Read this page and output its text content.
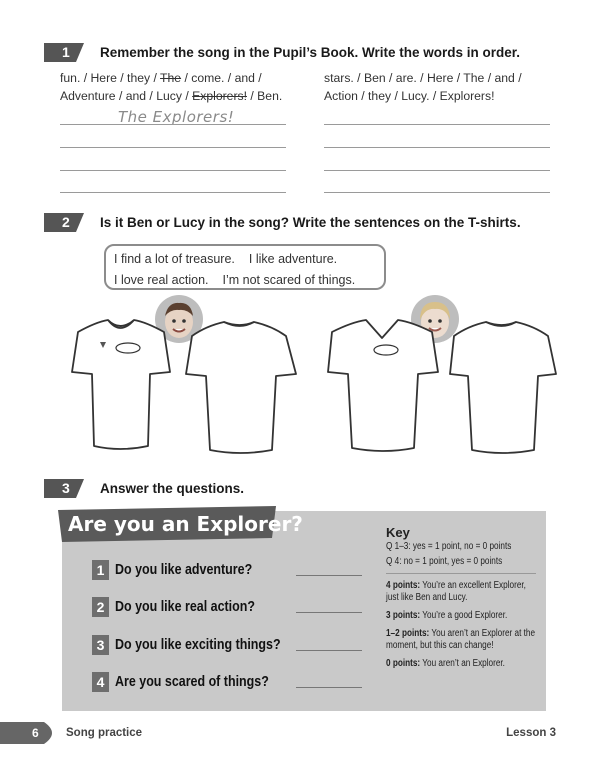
1 Remember the song in the Pupil’s Book. Write the words in order.
fun. / Here / they / The / come. / and /
Adventure / and / Lucy / Explorers! / Ben.
stars. / Ben / are. / Here / The / and /
Action / they / Lucy. / Explorers!
The Explorers!
2 Is it Ben or Lucy in the song? Write the sentences on the T-shirts.
I find a lot of treasure. I like adventure.
I love real action. I’m not scared of things.
3 Answer the questions.
Are you an Explorer?
1 Do you like adventure?
2 Do you like real action?
3 Do you like exciting things?
4 Are you scared of things?
Key
Q 1–3: yes = 1 point, no = 0 points
Q 4: no = 1 point, yes = 0 points
4 points: You’re an excellent Explorer, just like Ben and Lucy.
3 points: You’re a good Explorer.
1–2 points: You aren’t an Explorer at the moment, but this can change!
0 points: You aren’t an Explorer.
6 Song practice	Lesson 3
